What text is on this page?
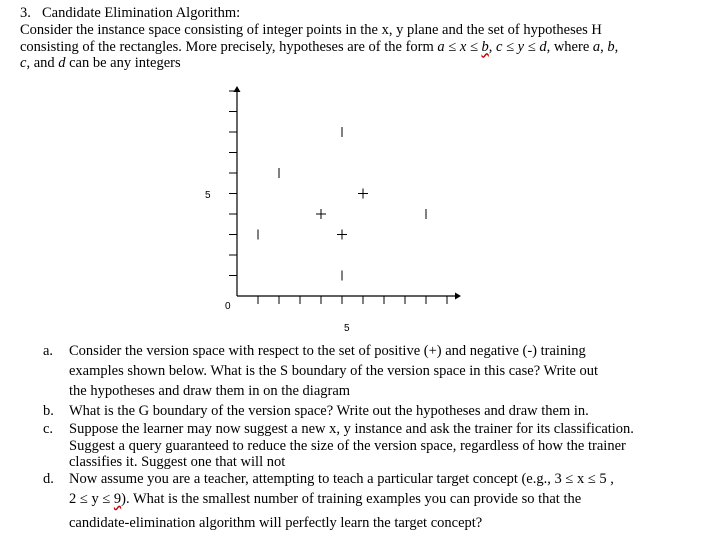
3. Candidate Elimination Algorithm:
Consider the instance space consisting of integer points in the x, y plane and the set of hypotheses H
consisting of the rectangles. More precisely, hypotheses are of the form a ≤ x ≤ b, c ≤ y ≤ d, where a, b,
c, and d can be any integers
5
0
5
a. Consider the version space with respect to the set of positive (+) and negative (-) training
examples shown below. What is the S boundary of the version space in this case? Write out
the hypotheses and draw them in on the diagram
b. What is the G boundary of the version space? Write out the hypotheses and draw them in.
c. Suppose the learner may now suggest a new x, y instance and ask the trainer for its classification.
Suggest a query guaranteed to reduce the size of the version space, regardless of how the trainer
classifies it. Suggest one that will not
d. Now assume you are a teacher, attempting to teach a particular target concept (e.g., 3 ≤ x ≤ 5 ,
2 ≤ y ≤ 9). What is the smallest number of training examples you can provide so that the
candidate-elimination algorithm will perfectly learn the target concept?
